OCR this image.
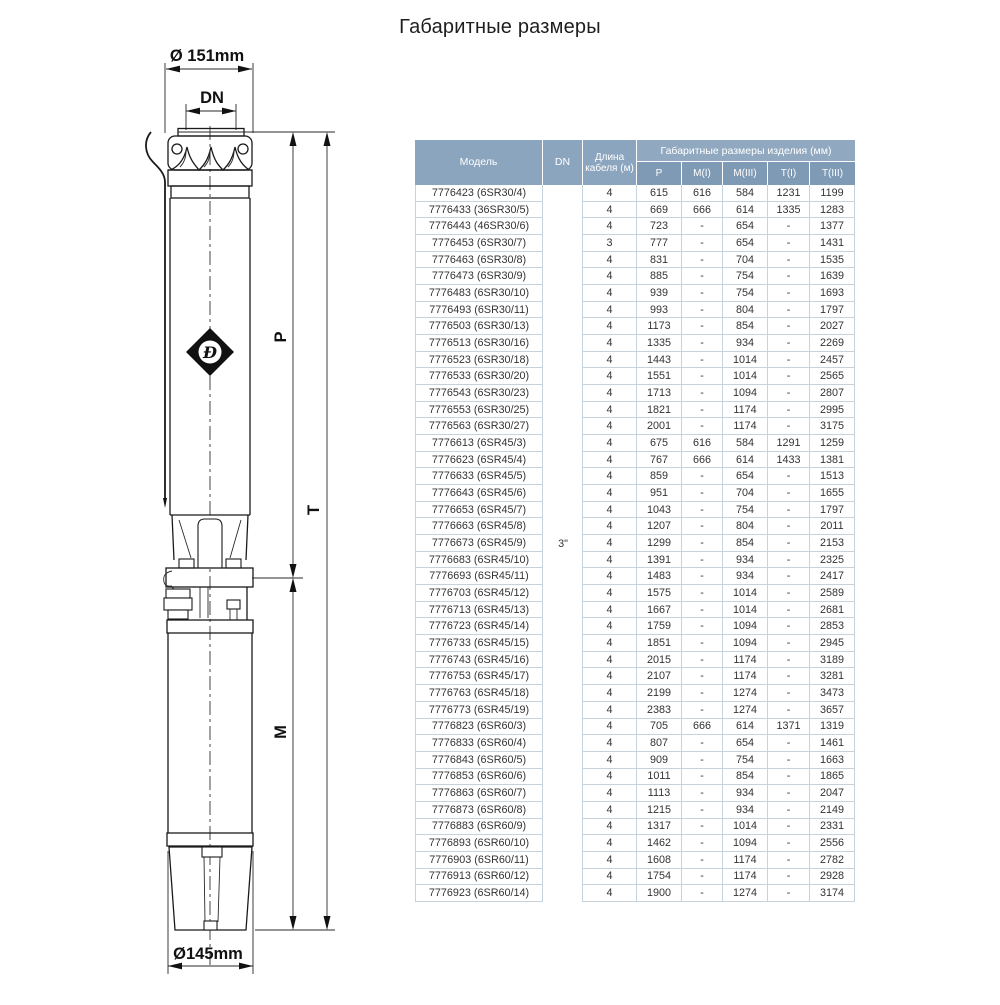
Габаритные размеры
Ø 151mm
DN
Ð
Ø145mm
P
M
T
Модель	DN	Длина кабеля (м)
Габаритные размеры изделия (мм)
P	M(I)	M(III)	T(I)	T(III)
3"
7776423 (6SR30/4)	4	615	616	584	1231	1199
7776433 (36SR30/5)	4	669	666	614	1335	1283
7776443 (46SR30/6)	4	723	-	654	-	1377
7776453 (6SR30/7)	3	777	-	654	-	1431
7776463 (6SR30/8)	4	831	-	704	-	1535
7776473 (6SR30/9)	4	885	-	754	-	1639
7776483 (6SR30/10)	4	939	-	754	-	1693
7776493 (6SR30/11)	4	993	-	804	-	1797
7776503 (6SR30/13)	4	1173	-	854	-	2027
7776513 (6SR30/16)	4	1335	-	934	-	2269
7776523 (6SR30/18)	4	1443	-	1014	-	2457
7776533 (6SR30/20)	4	1551	-	1014	-	2565
7776543 (6SR30/23)	4	1713	-	1094	-	2807
7776553 (6SR30/25)	4	1821	-	1174	-	2995
7776563 (6SR30/27)	4	2001	-	1174	-	3175
7776613 (6SR45/3)	4	675	616	584	1291	1259
7776623 (6SR45/4)	4	767	666	614	1433	1381
7776633 (6SR45/5)	4	859	-	654	-	1513
7776643 (6SR45/6)	4	951	-	704	-	1655
7776653 (6SR45/7)	4	1043	-	754	-	1797
7776663 (6SR45/8)	4	1207	-	804	-	2011
7776673 (6SR45/9)	4	1299	-	854	-	2153
7776683 (6SR45/10)	4	1391	-	934	-	2325
7776693 (6SR45/11)	4	1483	-	934	-	2417
7776703 (6SR45/12)	4	1575	-	1014	-	2589
7776713 (6SR45/13)	4	1667	-	1014	-	2681
7776723 (6SR45/14)	4	1759	-	1094	-	2853
7776733 (6SR45/15)	4	1851	-	1094	-	2945
7776743 (6SR45/16)	4	2015	-	1174	-	3189
7776753 (6SR45/17)	4	2107	-	1174	-	3281
7776763 (6SR45/18)	4	2199	-	1274	-	3473
7776773 (6SR45/19)	4	2383	-	1274	-	3657
7776823 (6SR60/3)	4	705	666	614	1371	1319
7776833 (6SR60/4)	4	807	-	654	-	1461
7776843 (6SR60/5)	4	909	-	754	-	1663
7776853 (6SR60/6)	4	1011	-	854	-	1865
7776863 (6SR60/7)	4	1113	-	934	-	2047
7776873 (6SR60/8)	4	1215	-	934	-	2149
7776883 (6SR60/9)	4	1317	-	1014	-	2331
7776893 (6SR60/10)	4	1462	-	1094	-	2556
7776903 (6SR60/11)	4	1608	-	1174	-	2782
7776913 (6SR60/12)	4	1754	-	1174	-	2928
7776923 (6SR60/14)	4	1900	-	1274	-	3174
